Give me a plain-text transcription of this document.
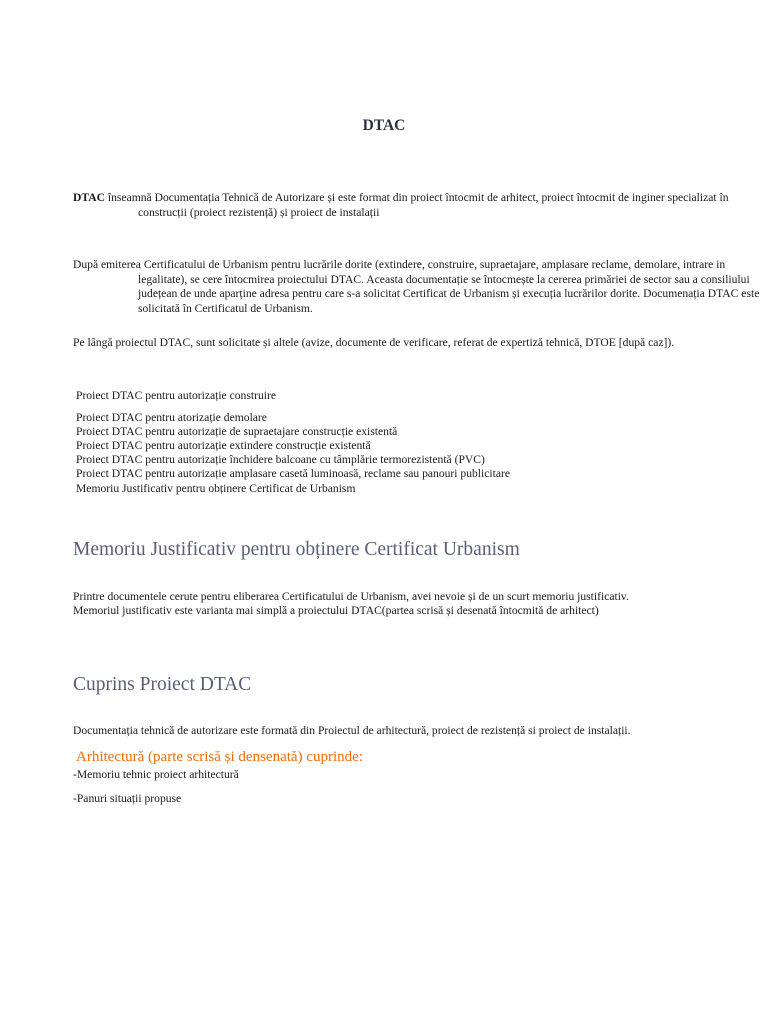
DTAC

DTAC înseamnă Documentația Tehnică de Autorizare și este format din proiect întocmit de arhitect, proiect întocmit de inginer specializat în construcții (proiect rezistență) și proiect de instalații

După emiterea Certificatului de Urbanism pentru lucrările dorite (extindere, construire, supraetajare, amplasare reclame, demolare, intrare in legalitate), se cere întocmirea proiectului DTAC. Aceasta documentație se întocmește la cererea primăriei de sector sau a consiliului județean de unde aparține adresa pentru care s-a solicitat Certificat de Urbanism și execuția lucrărilor dorite. Documenația DTAC este solicitată în Certificatul de Urbanism.

Pe lângă proiectul DTAC, sunt solicitate și altele (avize, documente de verificare, referat de expertiză tehnică, DTOE [după caz]).

Proiect DTAC pentru autorizație construire

Proiect DTAC pentru atorizație demolare

Proiect DTAC pentru autorizație de supraetajare construcție existentă

Proiect DTAC pentru autorizație extindere construcție existentă

Proiect DTAC pentru autorizație închidere balcoane cu tâmplărie termorezistentă (PVC)

Proiect DTAC pentru autorizație amplasare casetă luminoasă, reclame sau panouri publicitare

Memoriu Justificativ pentru obținere Certificat de Urbanism

Memoriu Justificativ pentru obținere Certificat Urbanism

Printre documentele cerute pentru eliberarea Certificatului de Urbanism, avei nevoie și de un scurt memoriu justificativ.

Memoriul justificativ este varianta mai simplă a proiectului DTAC(partea scrisă și desenată întocmită de arhitect)

Cuprins Proiect DTAC

Documentația tehnică de autorizare este formată din Proiectul de arhitectură, proiect de rezistență si proiect de instalații.

Arhitectură (parte scrisă și densenată) cuprinde:

-Memoriu tehnic proiect arhitectură

-Panuri situații propuse
